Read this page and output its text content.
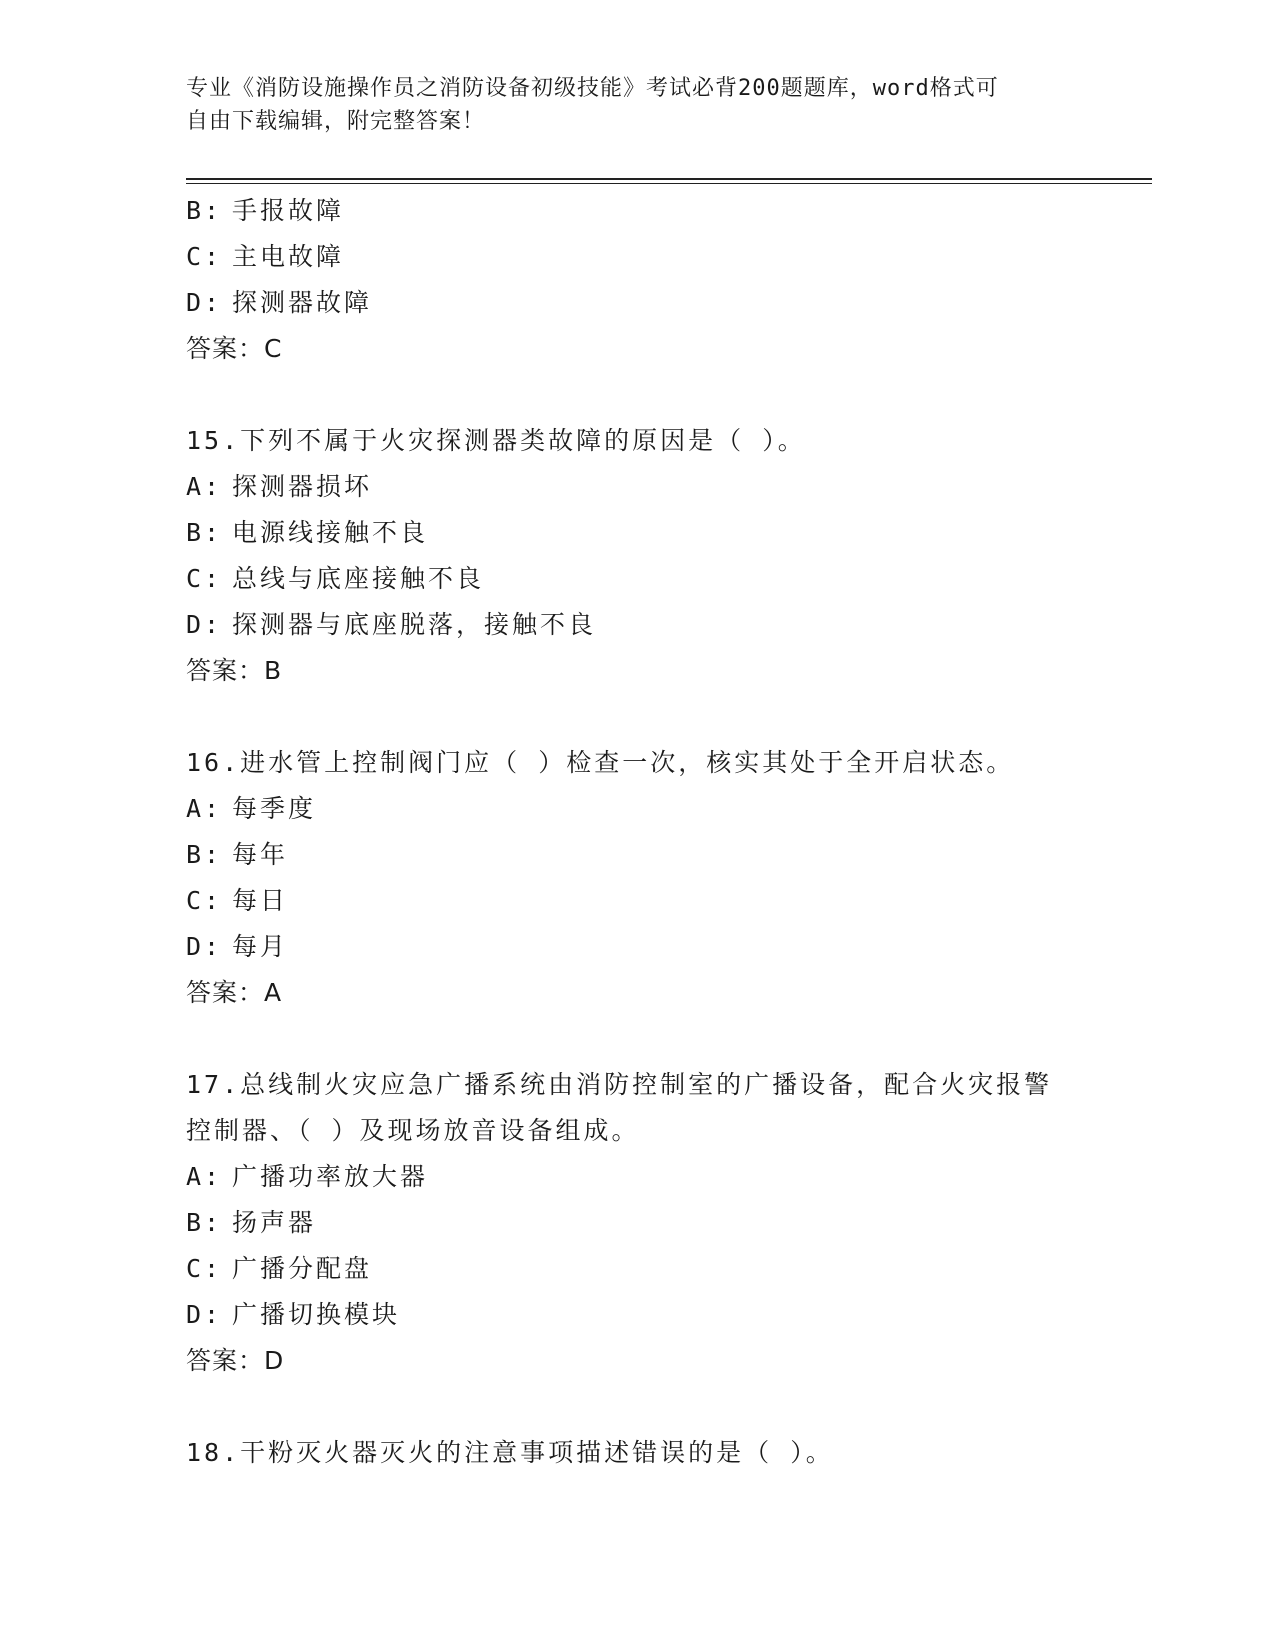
专业《消防设施操作员之消防设备初级技能》考试必背200题题库，word格式可
自由下载编辑，附完整答案！
B: 手报故障
C: 主电故障
D: 探测器故障
答案：C
15.下列不属于火灾探测器类故障的原因是（ ）。
A: 探测器损坏
B: 电源线接触不良
C: 总线与底座接触不良
D: 探测器与底座脱落，接触不良
答案：B
16.进水管上控制阀门应（ ）检查一次，核实其处于全开启状态。
A: 每季度
B: 每年
C: 每日
D: 每月
答案：A
17.总线制火灾应急广播系统由消防控制室的广播设备，配合火灾报警
控制器、（ ）及现场放音设备组成。
A: 广播功率放大器
B: 扬声器
C: 广播分配盘
D: 广播切换模块
答案：D
18.干粉灭火器灭火的注意事项描述错误的是（ ）。
